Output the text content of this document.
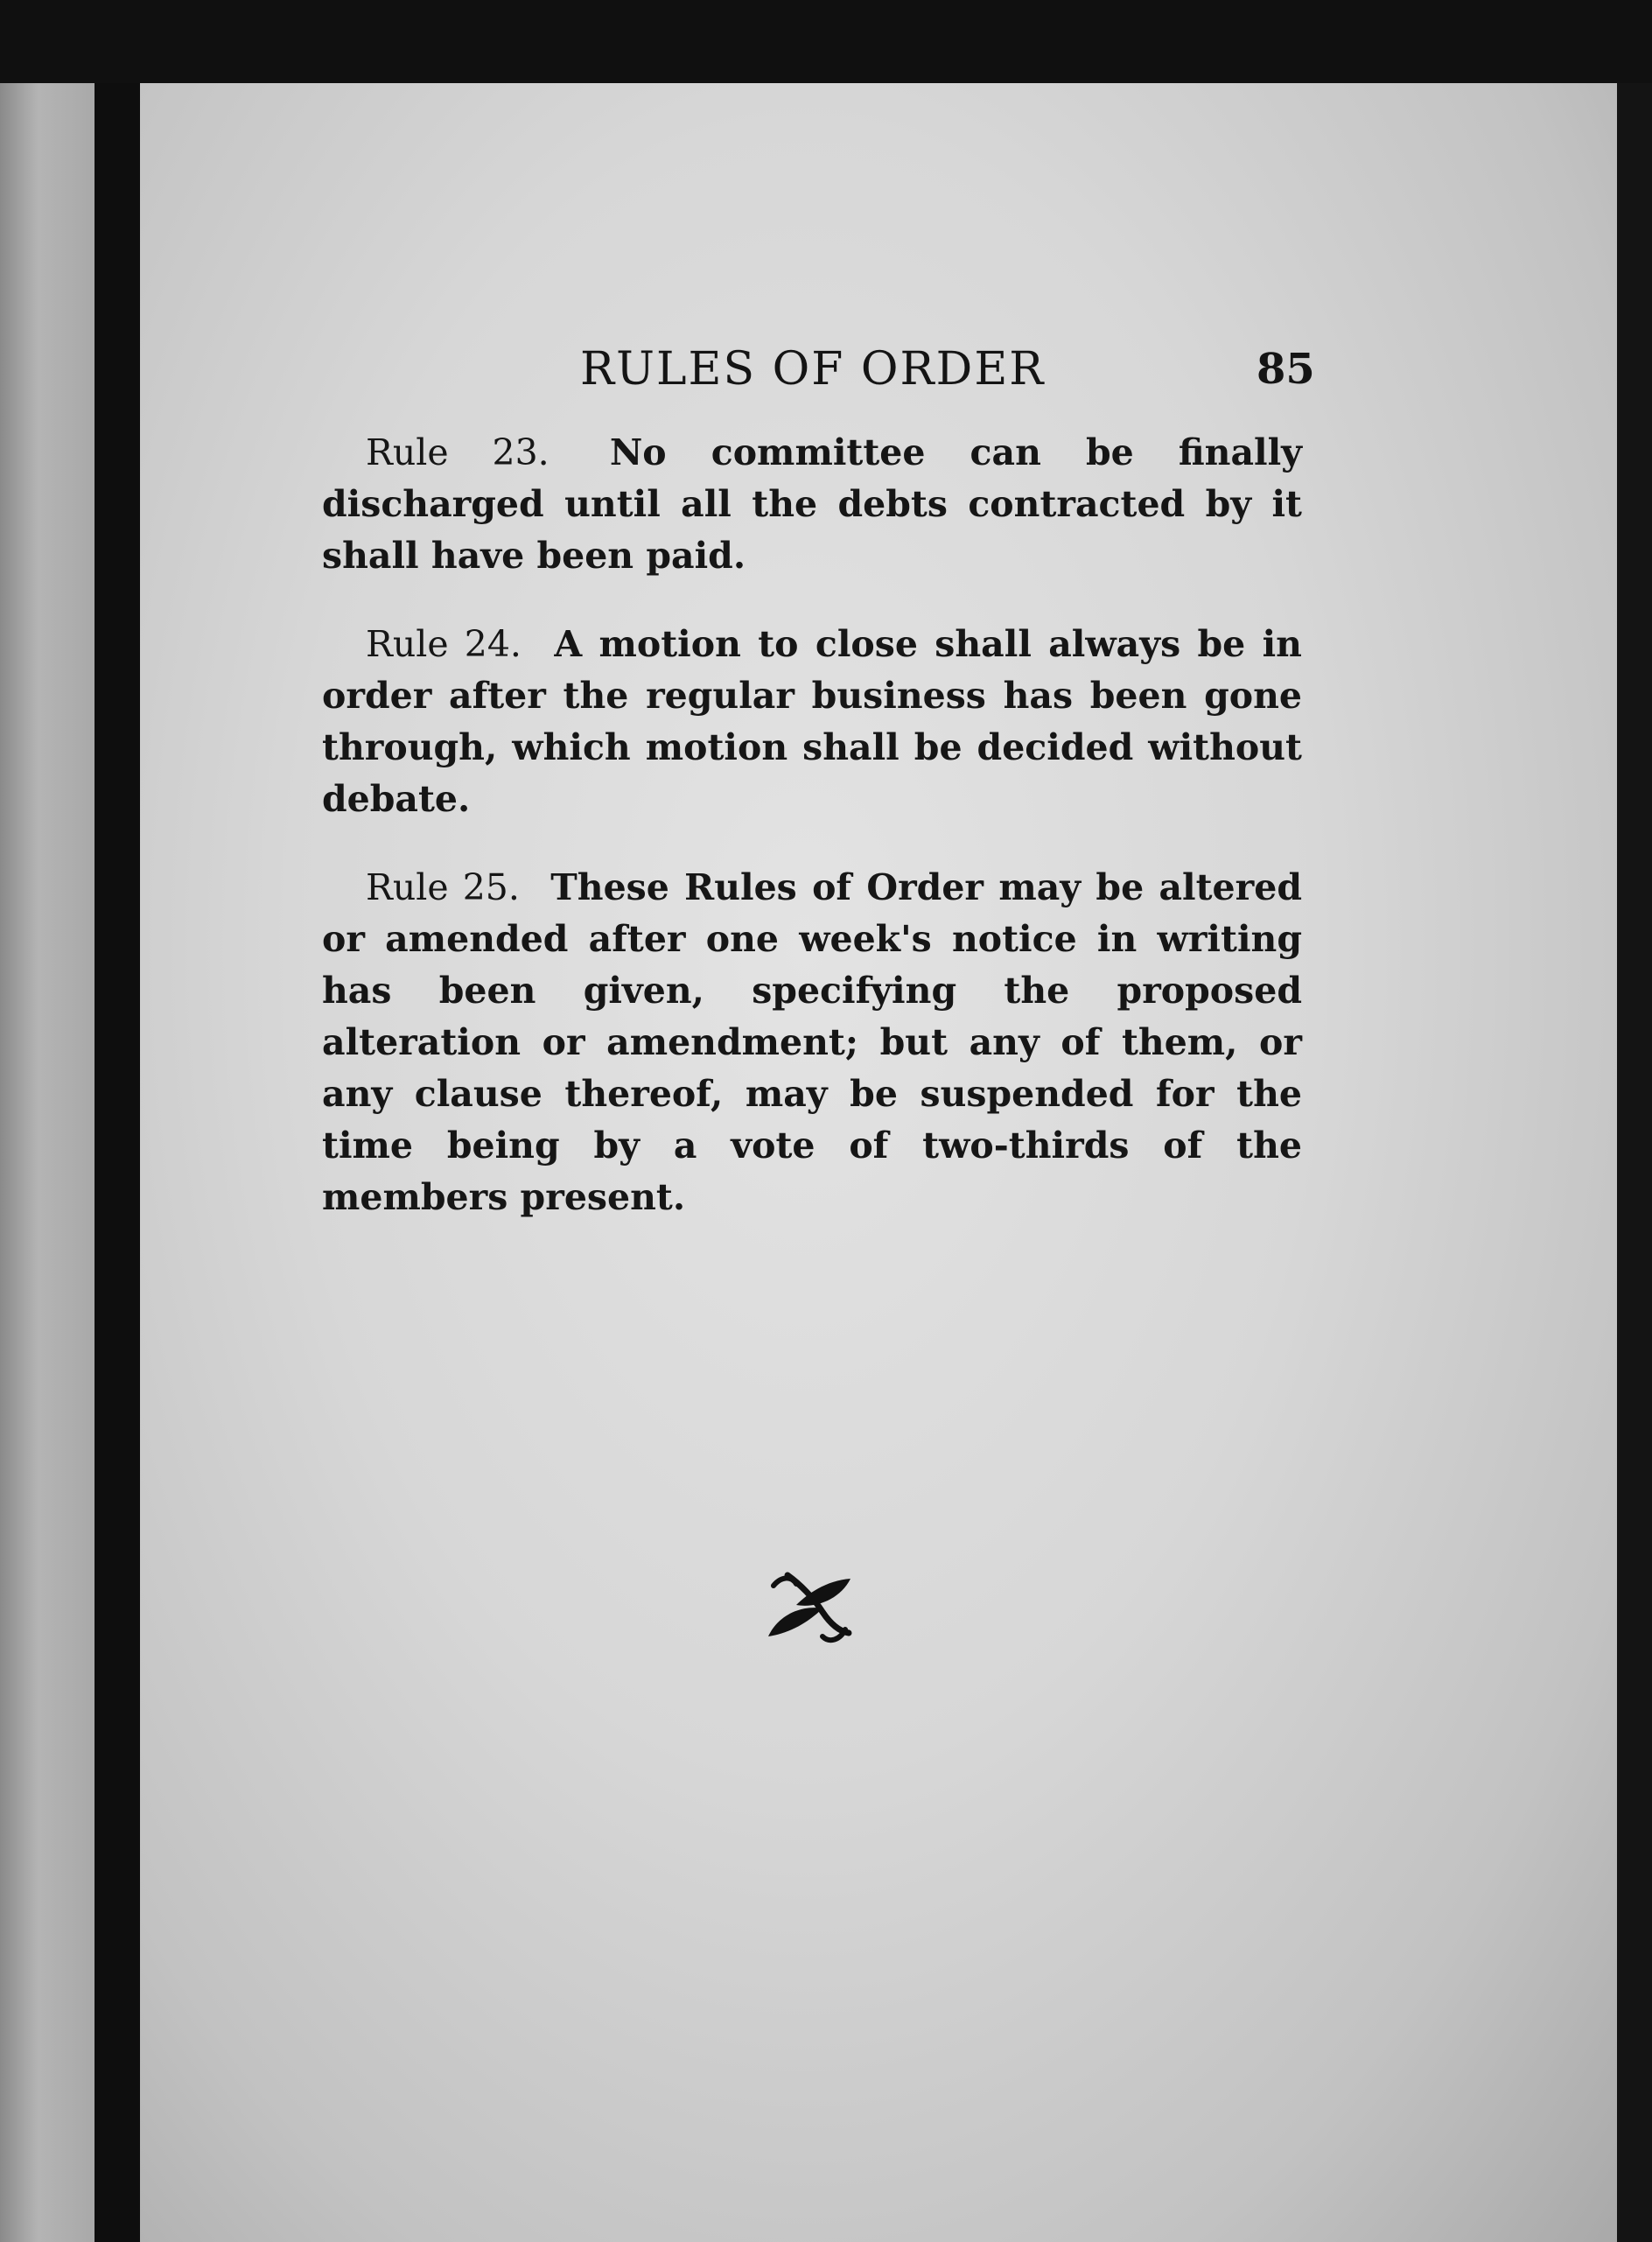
RULES OF ORDER	85

Rule 23. No committee can be finally discharged until all the debts contracted by it shall have been paid.

Rule 24. A motion to close shall always be in order after the regular business has been gone through, which motion shall be decided without debate.

Rule 25. These Rules of Order may be altered or amended after one week's notice in writing has been given, specifying the proposed alteration or amendment; but any of them, or any clause thereof, may be suspended for the time being by a vote of two-thirds of the members present.
